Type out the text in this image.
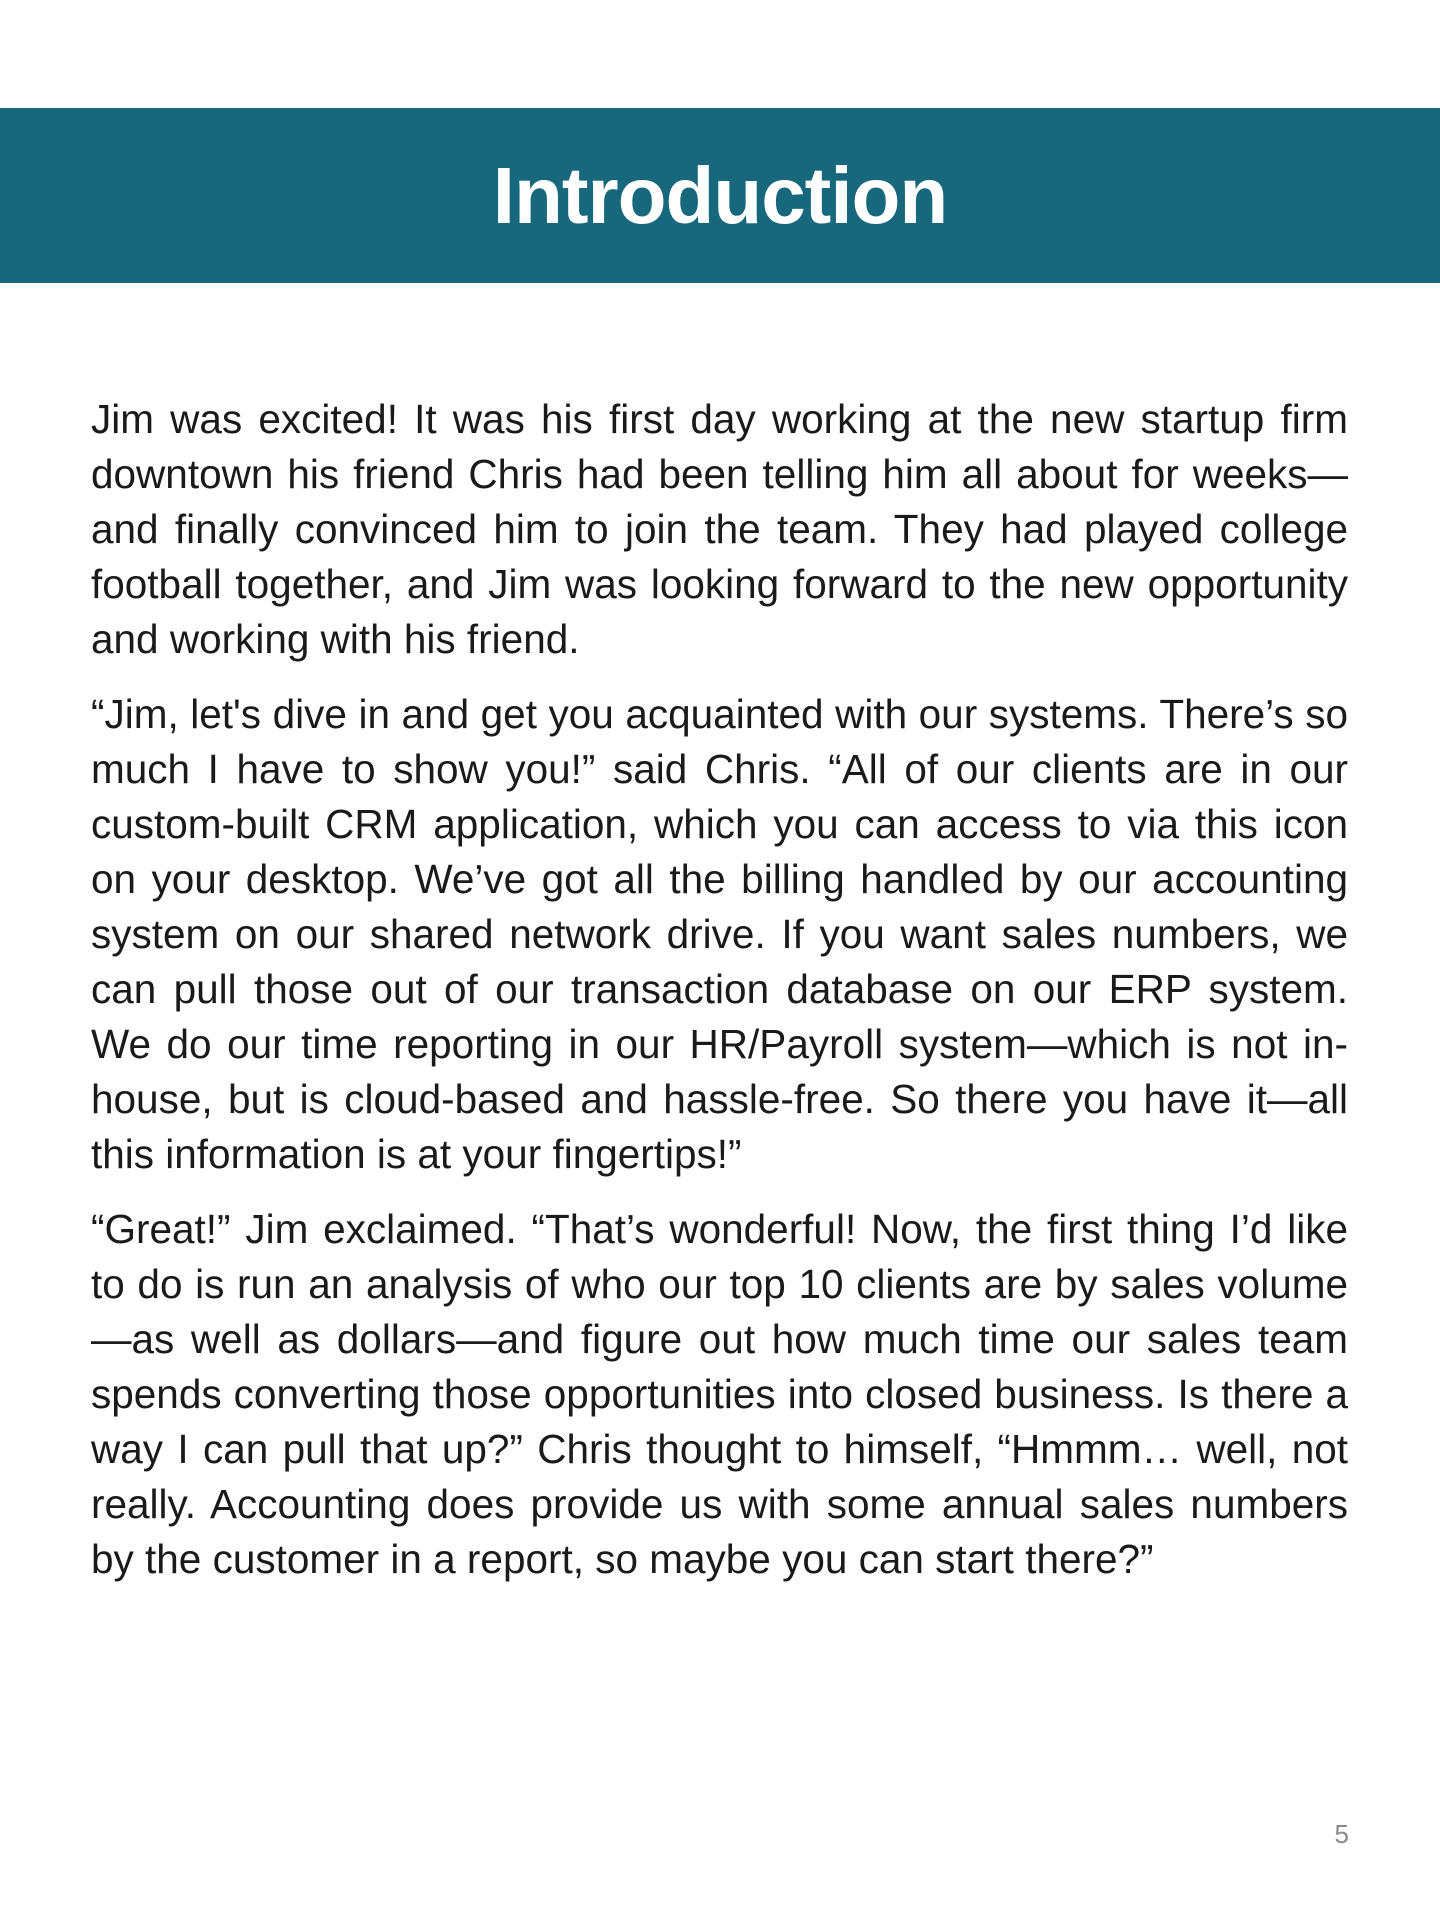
Introduction

Jim was excited! It was his first day working at the new startup firm downtown his friend Chris had been telling him all about for weeks—and finally convinced him to join the team. They had played college football together, and Jim was looking forward to the new opportunity and working with his friend.

“Jim, let's dive in and get you acquainted with our systems. There’s so much I have to show you!” said Chris. “All of our clients are in our custom-built CRM application, which you can access to via this icon on your desktop. We’ve got all the billing handled by our accounting system on our shared network drive. If you want sales numbers, we can pull those out of our transaction database on our ERP system. We do our time reporting in our HR/Payroll system—which is not in-house, but is cloud-based and hassle-free. So there you have it—all this information is at your fingertips!”

“Great!” Jim exclaimed. “That’s wonderful! Now, the first thing I’d like to do is run an analysis of who our top 10 clients are by sales volume—as well as dollars—and figure out how much time our sales team spends converting those opportunities into closed business. Is there a way I can pull that up?” Chris thought to himself, “Hmmm… well, not really. Accounting does provide us with some annual sales numbers by the customer in a report, so maybe you can start there?”

5
